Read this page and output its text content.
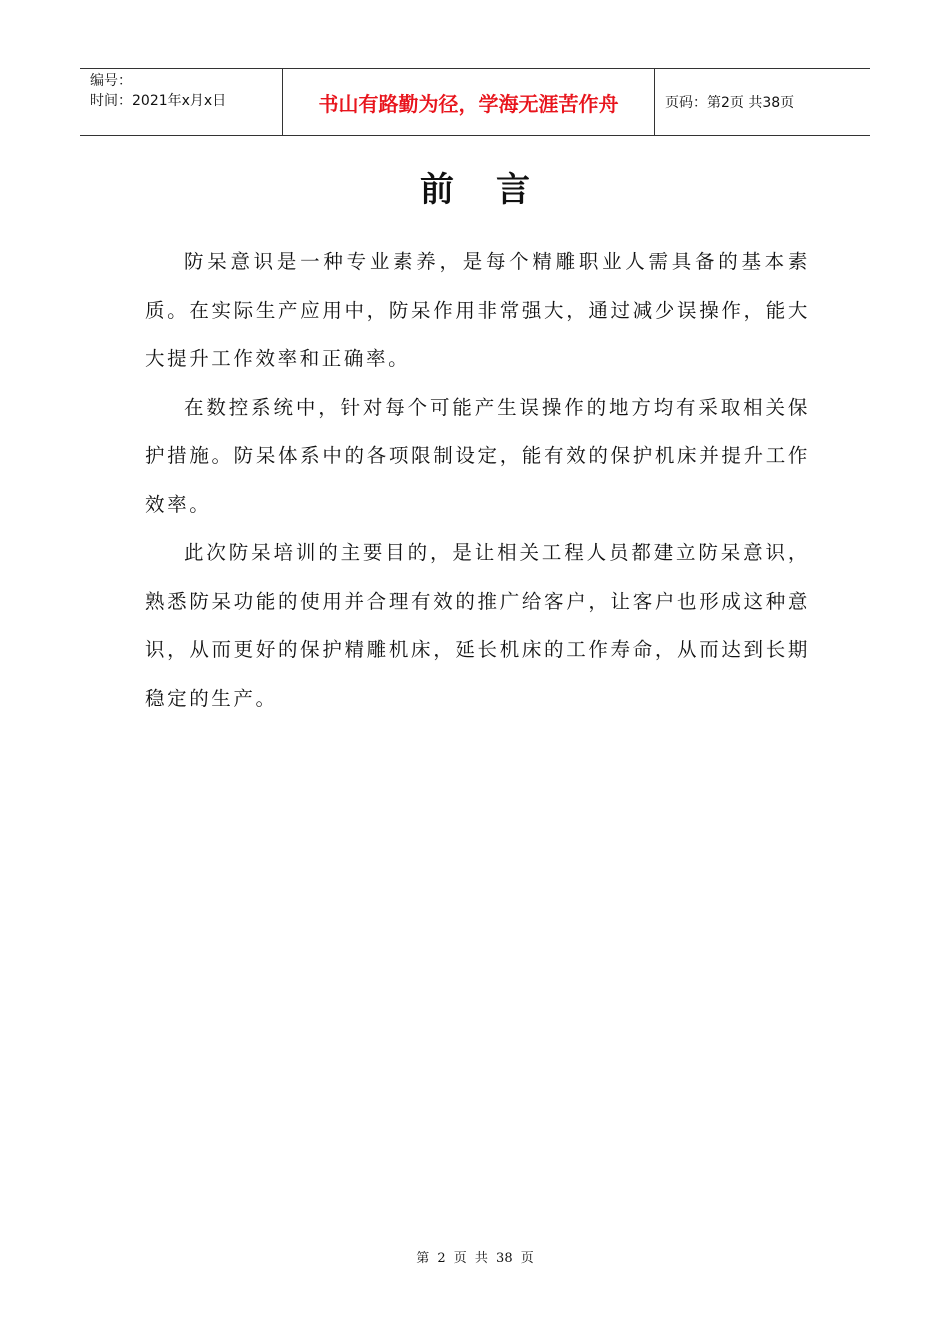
编号：
时间：2021年x月x日	书山有路勤为径，学海无涯苦作舟	页码：第2页 共38页
前言

防呆意识是一种专业素养，是每个精雕职业人需具备的基本素质。在实际生产应用中，防呆作用非常强大，通过减少误操作，能大大提升工作效率和正确率。

在数控系统中，针对每个可能产生误操作的地方均有采取相关保护措施。防呆体系中的各项限制设定，能有效的保护机床并提升工作效率。

此次防呆培训的主要目的，是让相关工程人员都建立防呆意识，熟悉防呆功能的使用并合理有效的推广给客户，让客户也形成这种意识，从而更好的保护精雕机床，延长机床的工作寿命，从而达到长期稳定的生产。

第 2 页 共 38 页
